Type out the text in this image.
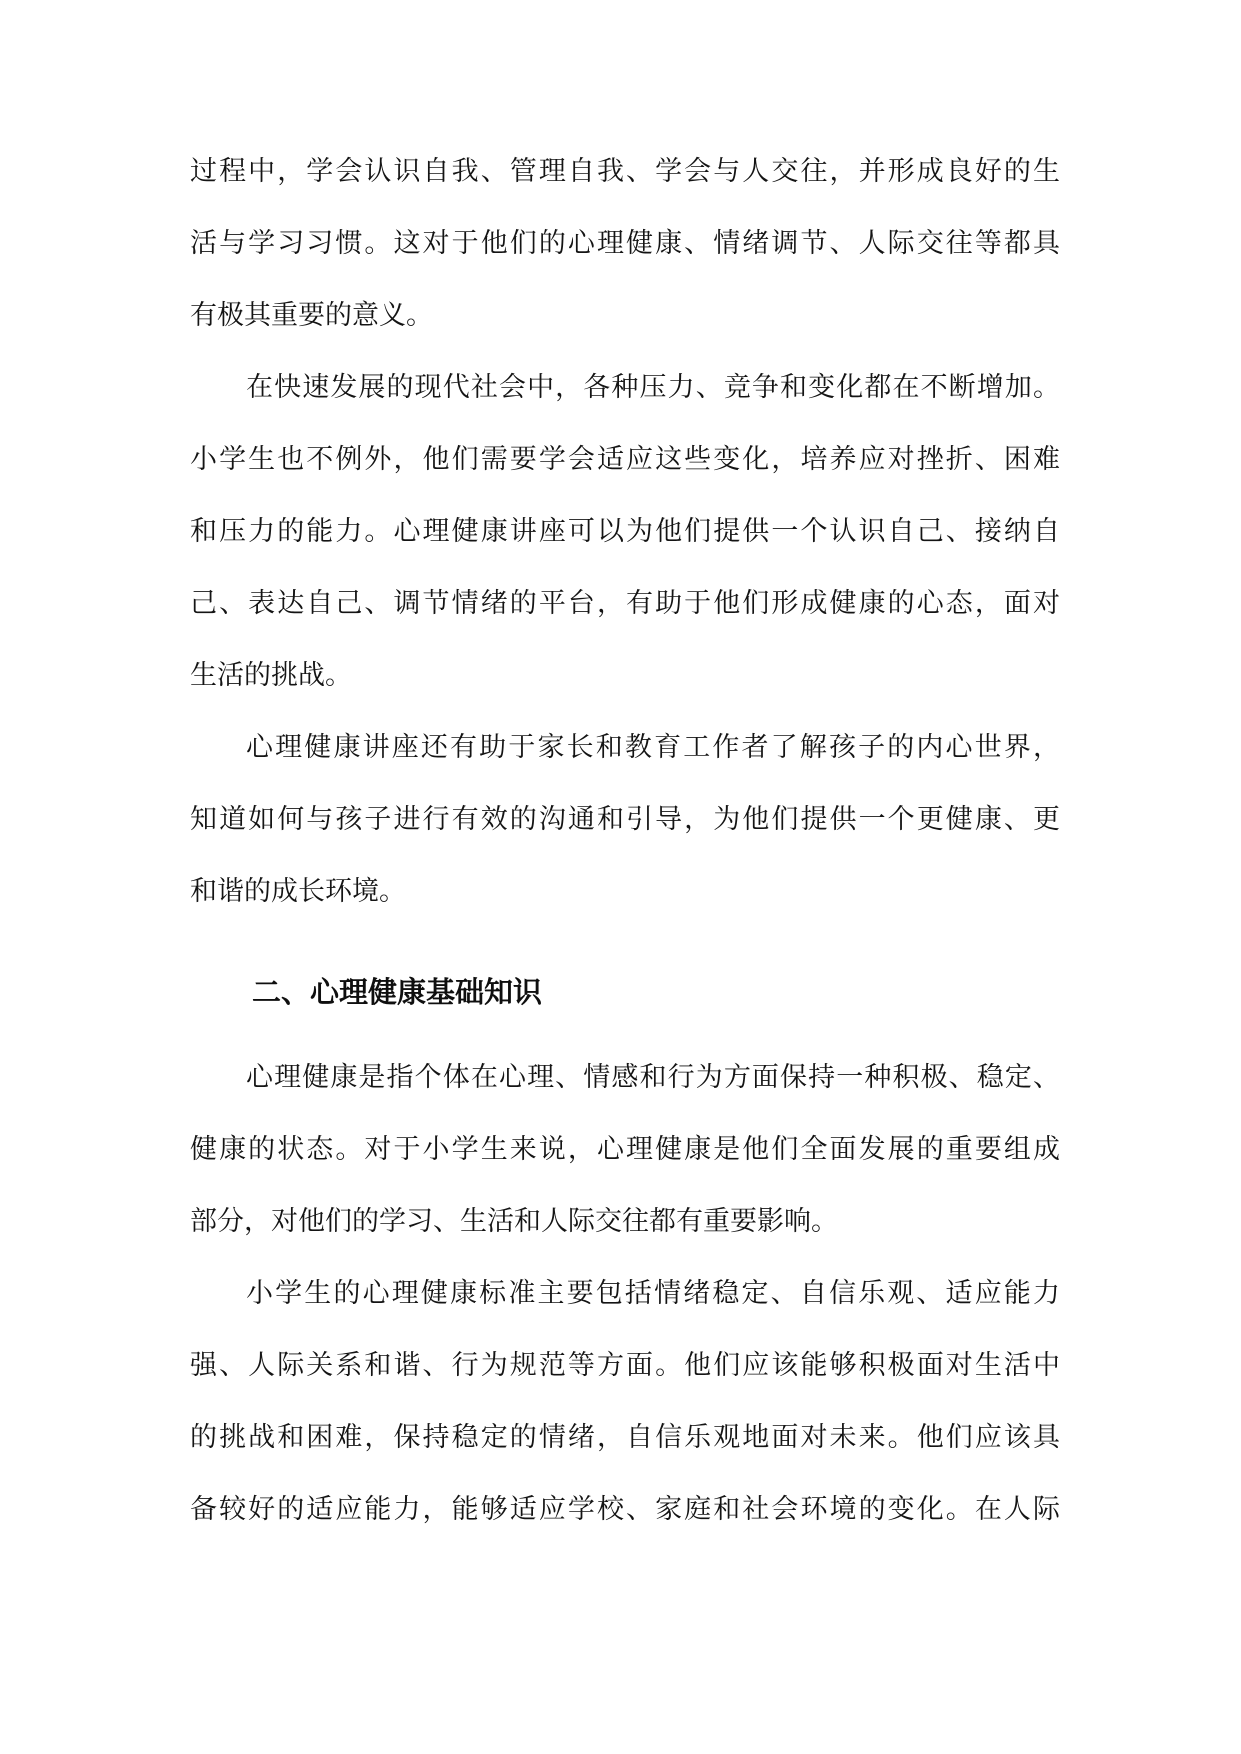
过程中，学会认识自我、管理自我、学会与人交往，并形成良好的生

活与学习习惯。这对于他们的心理健康、情绪调节、人际交往等都具

有极其重要的意义。

在快速发展的现代社会中，各种压力、竞争和变化都在不断增加。

小学生也不例外，他们需要学会适应这些变化，培养应对挫折、困难

和压力的能力。心理健康讲座可以为他们提供一个认识自己、接纳自

己、表达自己、调节情绪的平台，有助于他们形成健康的心态，面对

生活的挑战。

心理健康讲座还有助于家长和教育工作者了解孩子的内心世界，

知道如何与孩子进行有效的沟通和引导，为他们提供一个更健康、更

和谐的成长环境。

二、心理健康基础知识

心理健康是指个体在心理、情感和行为方面保持一种积极、稳定、

健康的状态。对于小学生来说，心理健康是他们全面发展的重要组成

部分，对他们的学习、生活和人际交往都有重要影响。

小学生的心理健康标准主要包括情绪稳定、自信乐观、适应能力

强、人际关系和谐、行为规范等方面。他们应该能够积极面对生活中

的挑战和困难，保持稳定的情绪，自信乐观地面对未来。他们应该具

备较好的适应能力，能够适应学校、家庭和社会环境的变化。在人际
